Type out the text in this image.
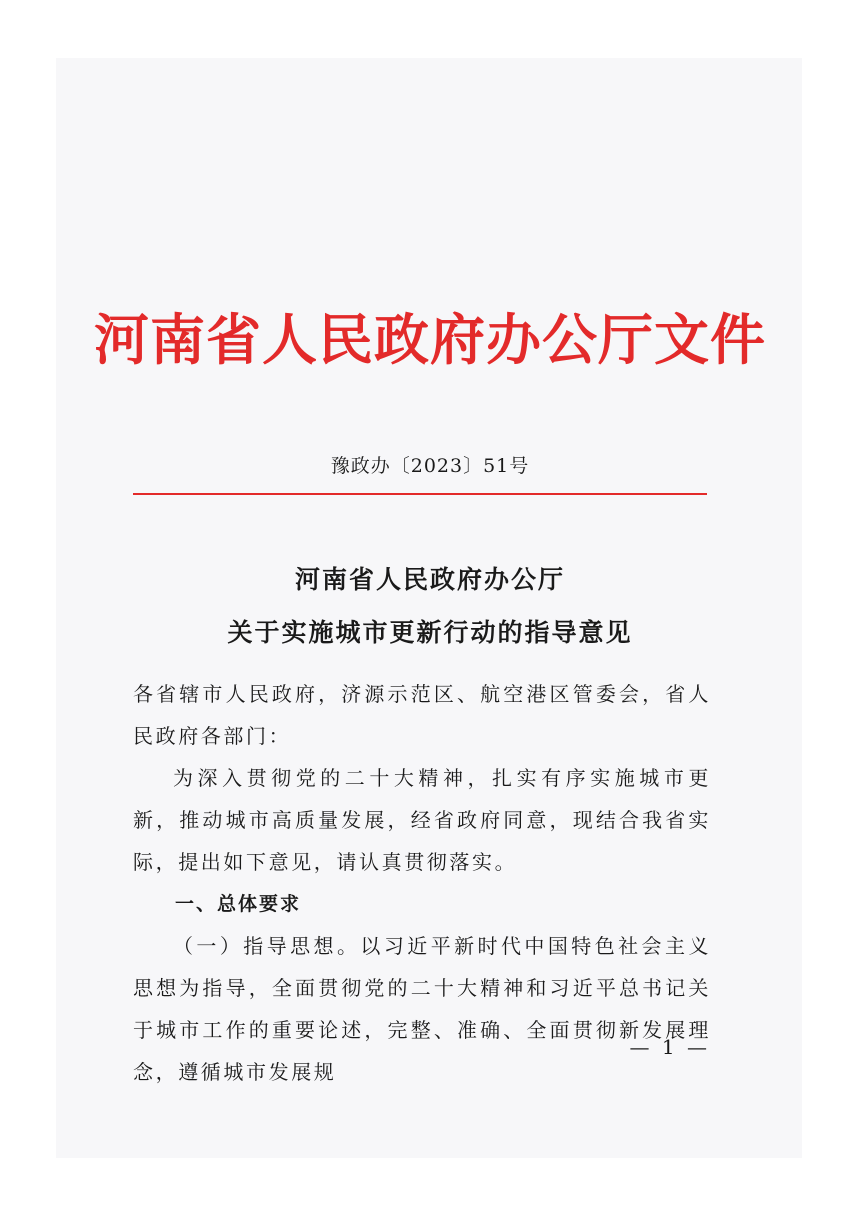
河南省人民政府办公厅文件
豫政办〔2023〕51号
河南省人民政府办公厅
关于实施城市更新行动的指导意见
各省辖市人民政府，济源示范区、航空港区管委会，省人民政府各部门：
为深入贯彻党的二十大精神，扎实有序实施城市更新，推动城市高质量发展，经省政府同意，现结合我省实际，提出如下意见，请认真贯彻落实。
一、总体要求
（一）指导思想。以习近平新时代中国特色社会主义思想为指导，全面贯彻党的二十大精神和习近平总书记关于城市工作的重要论述，完整、准确、全面贯彻新发展理念，遵循城市发展规
— 1 —
